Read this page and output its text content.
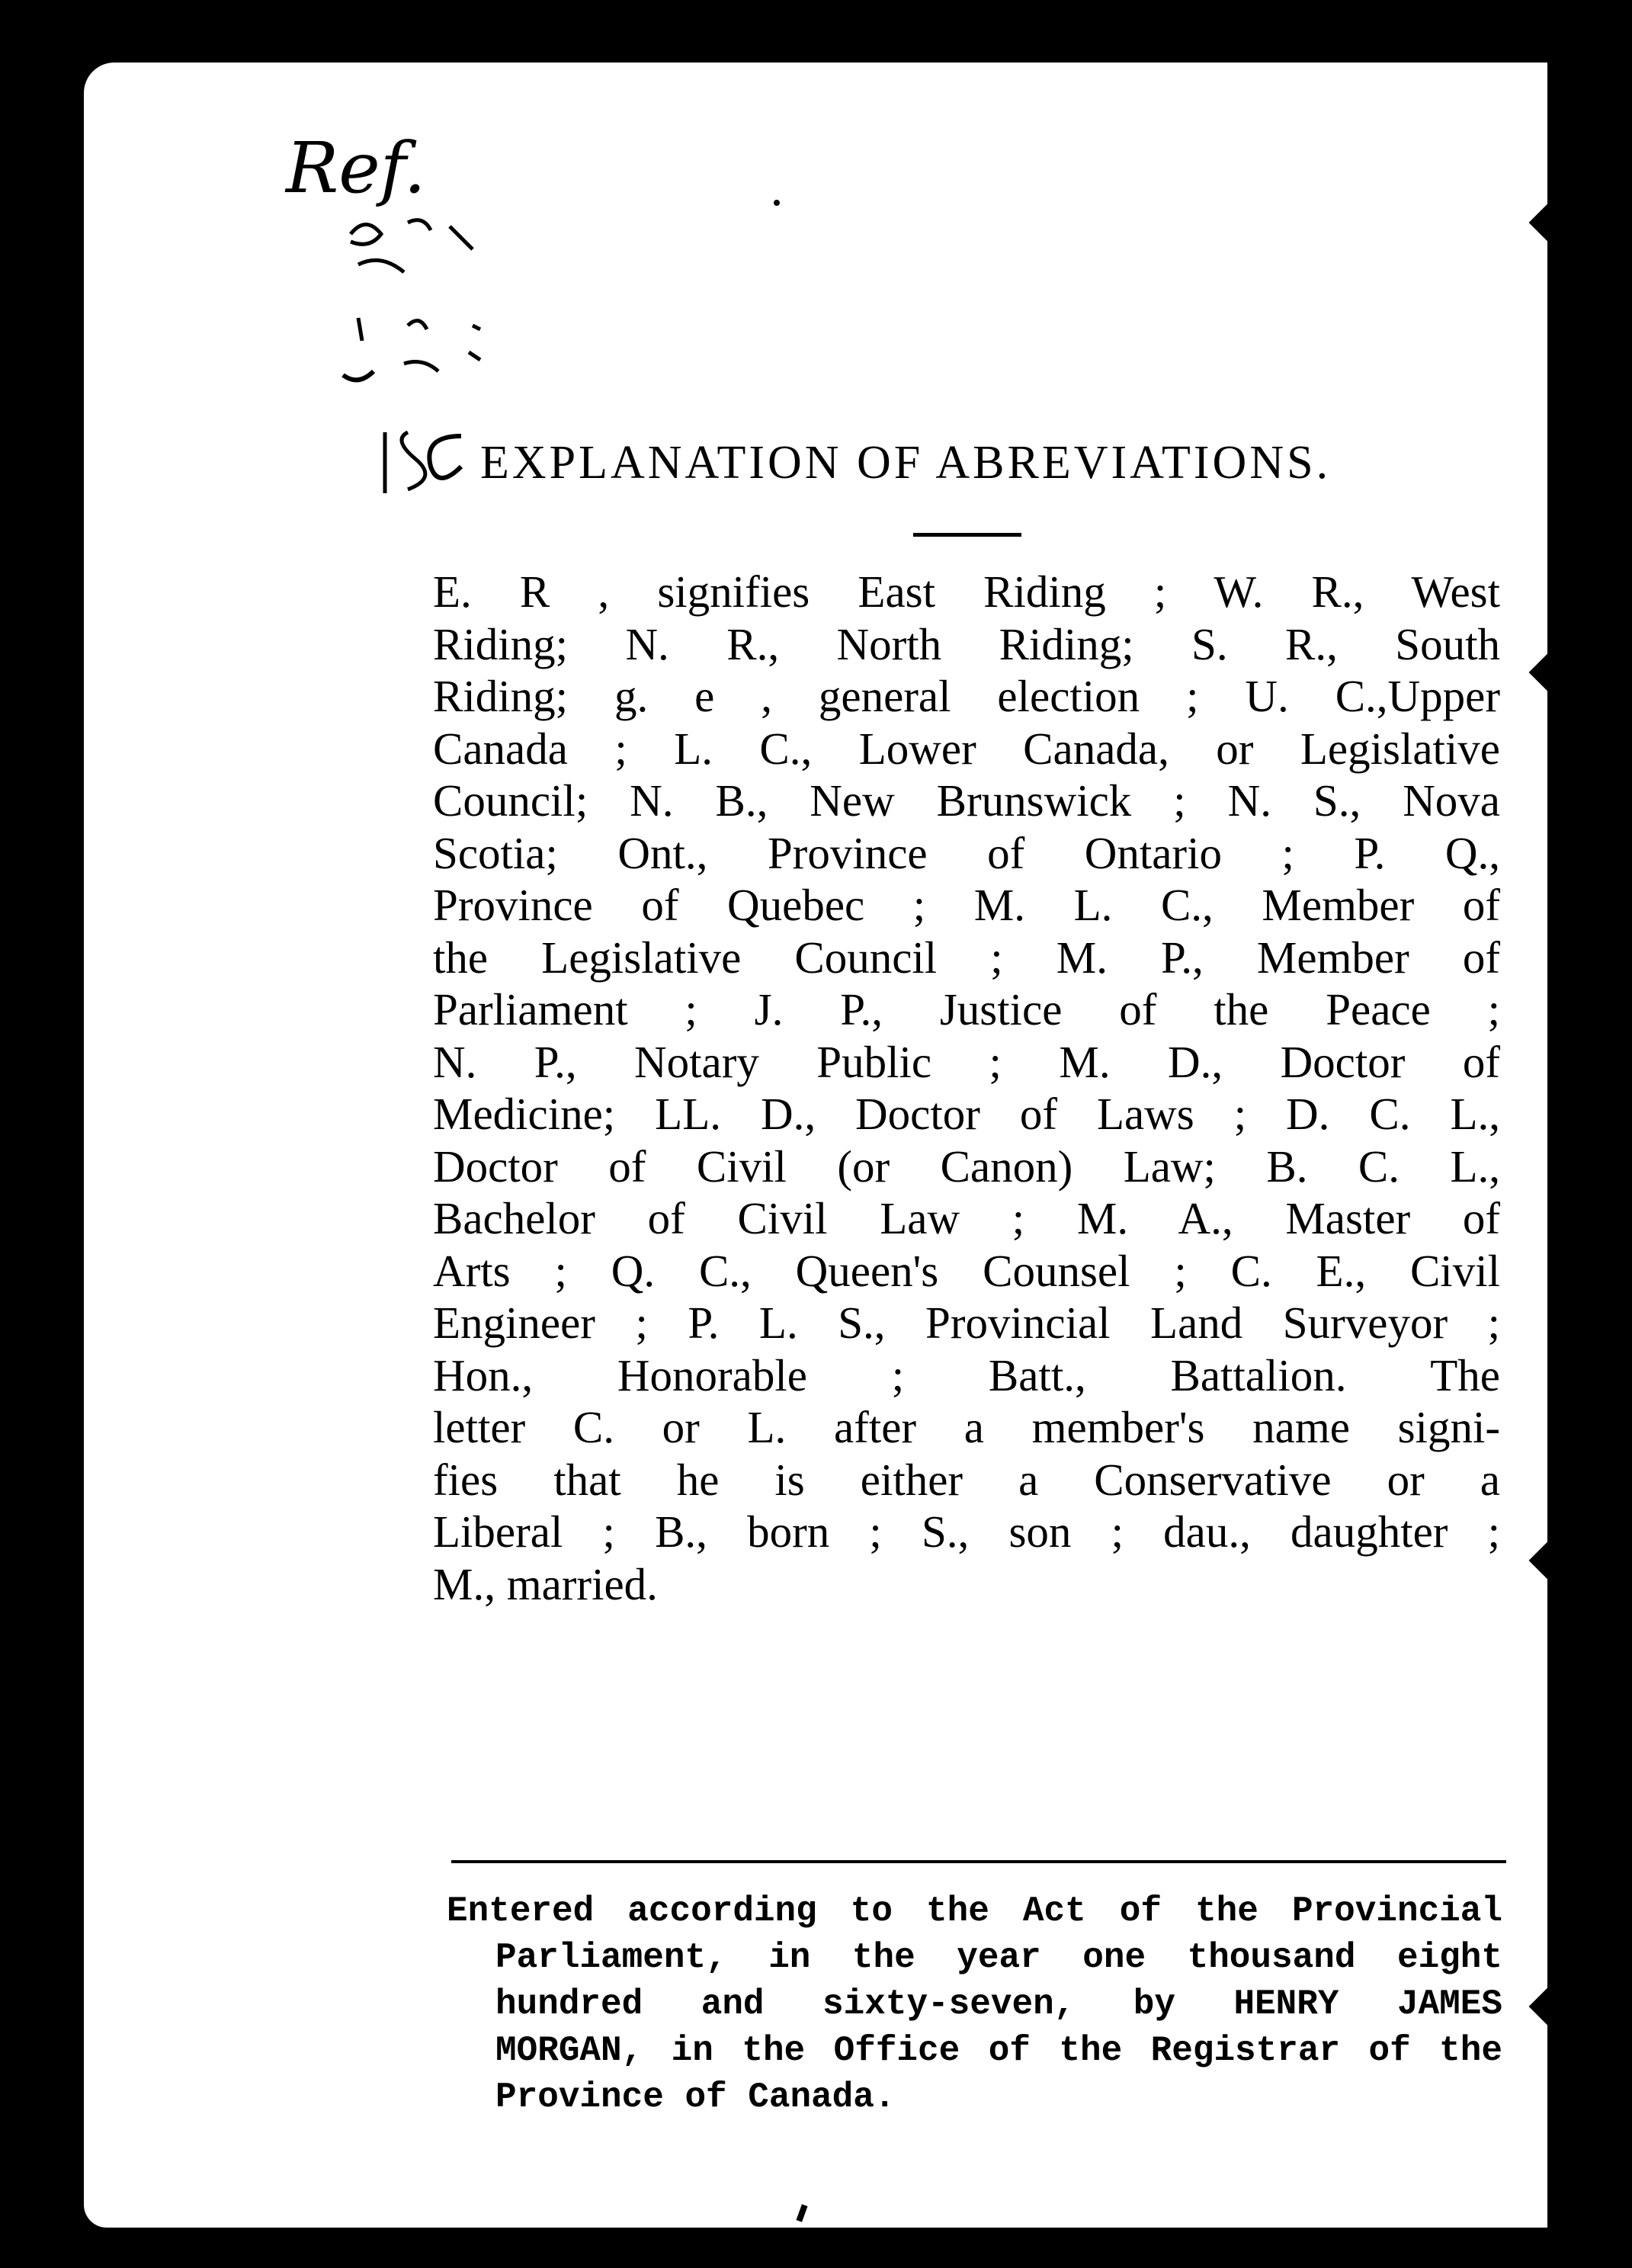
Ref.
EXPLANATION OF ABREVIATIONS.
E. R , signifies East Riding ; W. R., West
Riding; N. R., North Riding; S. R., South
Riding; g. e , general election ; U. C.,Upper
Canada ; L. C., Lower Canada, or Legislative
Council; N. B., New Brunswick ; N. S., Nova
Scotia; Ont., Province of Ontario ; P. Q.,
Province of Quebec ; M. L. C., Member of
the Legislative Council ; M. P., Member of
Parliament ; J. P., Justice of the Peace ;
N. P., Notary Public ; M. D., Doctor of
Medicine; LL. D., Doctor of Laws ; D. C. L.,
Doctor of Civil (or Canon) Law; B. C. L.,
Bachelor of Civil Law ; M. A., Master of
Arts ; Q. C., Queen's Counsel ; C. E., Civil
Engineer ; P. L. S., Provincial Land Surveyor ;
Hon., Honorable ; Batt., Battalion. The
letter C. or L. after a member's name signi-
fies that he is either a Conservative or a
Liberal ; B., born ; S., son ; dau., daughter ;
M., married.
Entered according to the Act of the Provincial
Parliament, in the year one thousand eight
hundred and sixty-seven, by HENRY JAMES
MORGAN, in the Office of the Registrar of the
Province of Canada.
